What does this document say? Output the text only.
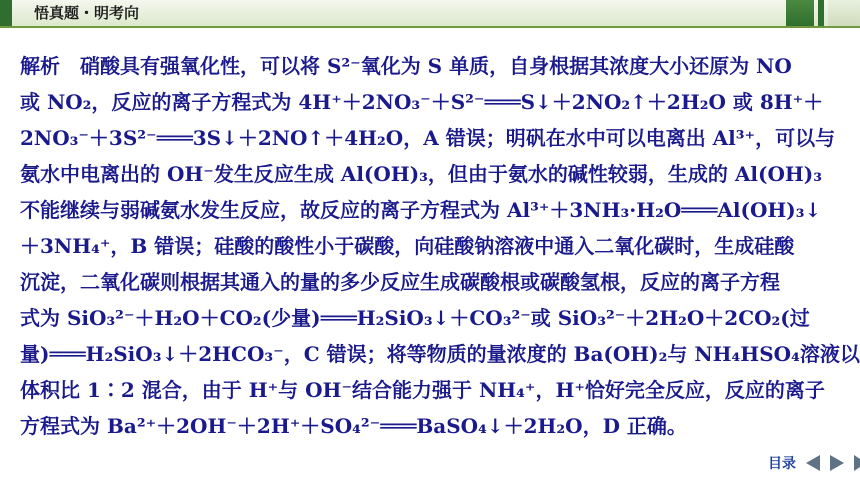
悟真题・明考向

解析　硝酸具有强氧化性，可以将 S²⁻氧化为 S 单质，自身根据其浓度大小还原为 NO

或 NO₂，反应的离子方程式为 4H⁺＋2NO₃⁻＋S²⁻═══S↓＋2NO₂↑＋2H₂O 或 8H⁺＋

2NO₃⁻＋3S²⁻═══3S↓＋2NO↑＋4H₂O，A 错误；明矾在水中可以电离出 Al³⁺，可以与

氨水中电离出的 OH⁻发生反应生成 Al(OH)₃，但由于氨水的碱性较弱，生成的 Al(OH)₃

不能继续与弱碱氨水发生反应，故反应的离子方程式为 Al³⁺＋3NH₃·H₂O═══Al(OH)₃↓

＋3NH₄⁺，B 错误；硅酸的酸性小于碳酸，向硅酸钠溶液中通入二氧化碳时，生成硅酸

沉淀，二氧化碳则根据其通入的量的多少反应生成碳酸根或碳酸氢根，反应的离子方程

式为 SiO₃²⁻＋H₂O＋CO₂(少量)═══H₂SiO₃↓＋CO₃²⁻或 SiO₃²⁻＋2H₂O＋2CO₂(过

量)═══H₂SiO₃↓＋2HCO₃⁻，C 错误；将等物质的量浓度的 Ba(OH)₂与 NH₄HSO₄溶液以

体积比 1∶2 混合，由于 H⁺与 OH⁻结合能力强于 NH₄⁺，H⁺恰好完全反应，反应的离子

方程式为 Ba²⁺＋2OH⁻＋2H⁺＋SO₄²⁻═══BaSO₄↓＋2H₂O，D 正确。

目录
